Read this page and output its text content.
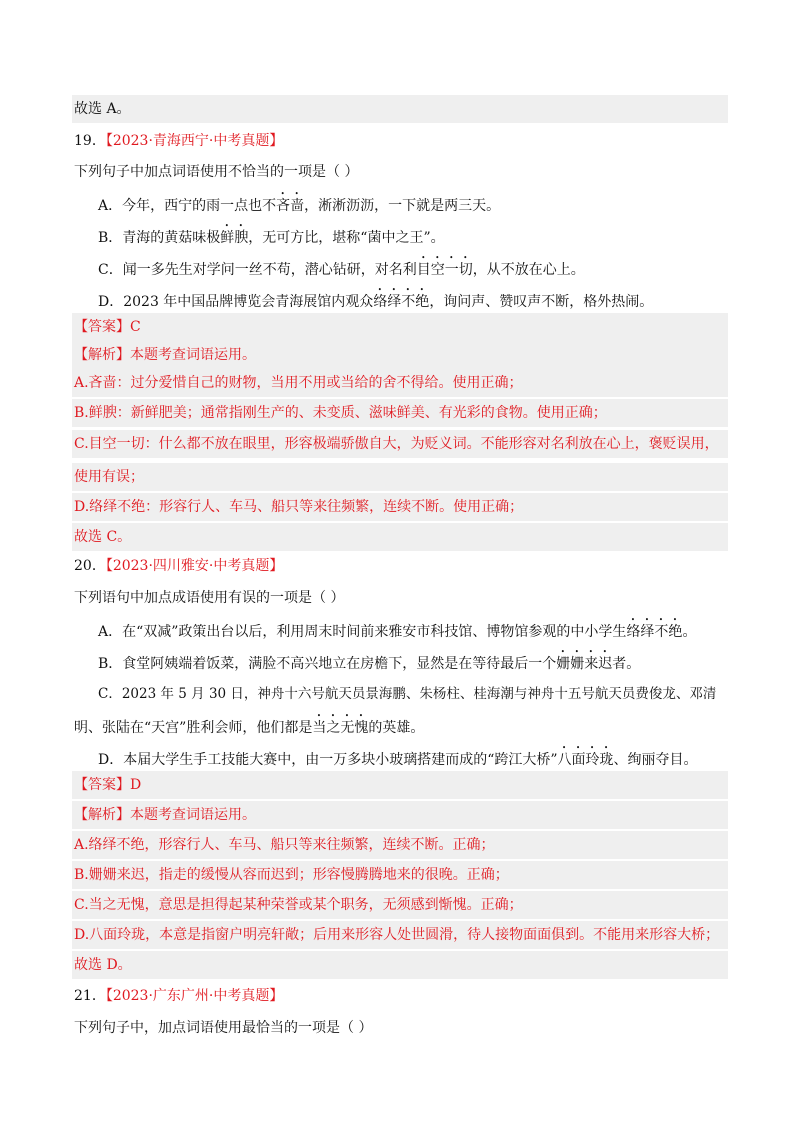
故选 A。
19．【2023·青海西宁·中考真题】
下列句子中加点词语使用不恰当的一项是（ ）
A．今年，西宁的雨一点也不吝啬，淅淅沥沥，一下就是两三天。
B．青海的黄菇味极鲜腴，无可方比，堪称“菌中之王”。
C．闻一多先生对学问一丝不苟，潜心钻研，对名利目空一切，从不放在心上。
D．2023 年中国品牌博览会青海展馆内观众络绎不绝，询问声、赞叹声不断，格外热闹。
【答案】C
【解析】本题考查词语运用。
A.吝啬：过分爱惜自己的财物，当用不用或当给的舍不得给。使用正确；
B.鲜腴：新鲜肥美；通常指刚生产的、未变质、滋味鲜美、有光彩的食物。使用正确；
C.目空一切：什么都不放在眼里，形容极端骄傲自大，为贬义词。不能形容对名利放在心上，褒贬误用，
使用有误；
D.络绎不绝：形容行人、车马、船只等来往频繁，连续不断。使用正确；
故选 C。
20．【2023·四川雅安·中考真题】
下列语句中加点成语使用有误的一项是（ ）
A．在“双减”政策出台以后，利用周末时间前来雅安市科技馆、博物馆参观的中小学生络绎不绝。
B．食堂阿姨端着饭菜，满脸不高兴地立在房檐下，显然是在等待最后一个姗姗来迟者。
C．2023 年 5 月 30 日，神舟十六号航天员景海鹏、朱杨柱、桂海潮与神舟十五号航天员费俊龙、邓清
明、张陆在“天宫”胜利会师，他们都是当之无愧的英雄。
D．本届大学生手工技能大赛中，由一万多块小玻璃搭建而成的“跨江大桥”八面玲珑、绚丽夺目。
【答案】D
【解析】本题考查词语运用。
A.络绎不绝，形容行人、车马、船只等来往频繁，连续不断。正确；
B.姗姗来迟，指走的缓慢从容而迟到；形容慢腾腾地来的很晚。正确；
C.当之无愧，意思是担得起某种荣誉或某个职务，无须感到惭愧。正确；
D.八面玲珑，本意是指窗户明亮轩敞；后用来形容人处世圆滑，待人接物面面俱到。不能用来形容大桥；
故选 D。
21．【2023·广东广州·中考真题】
下列句子中，加点词语使用最恰当的一项是（ ）
